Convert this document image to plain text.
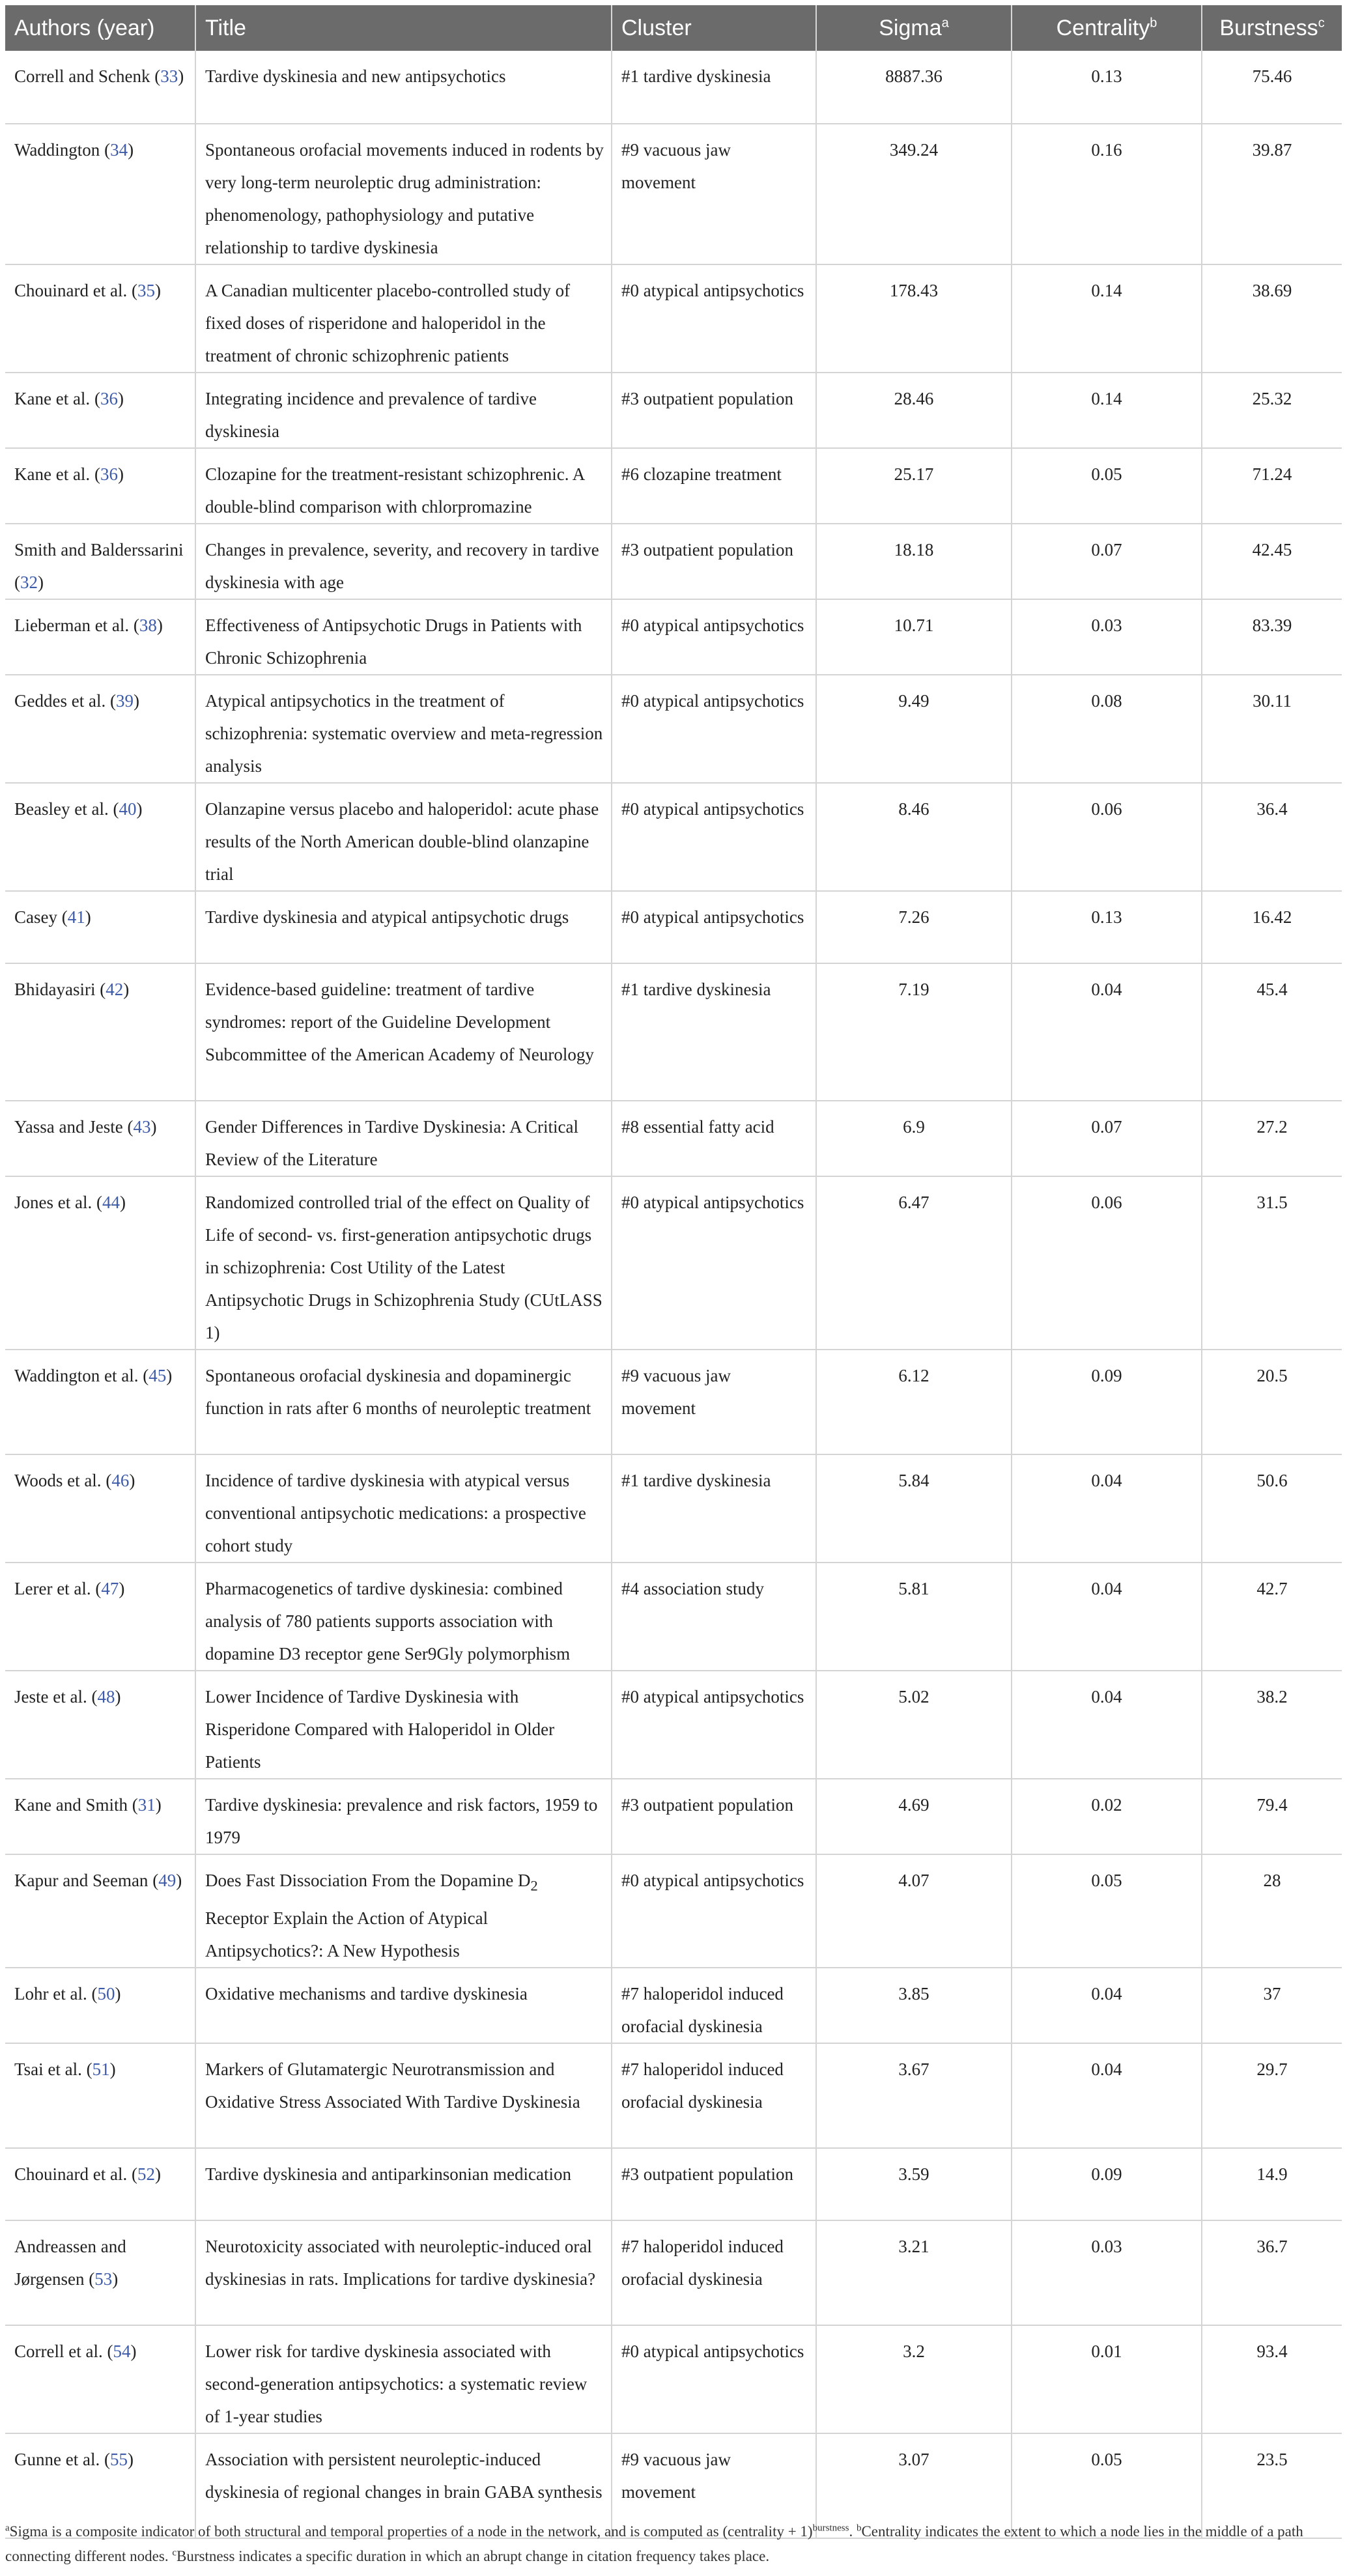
Authors (year)	Title	Cluster	Sigma$^a$	Centrality$^b$	Burstness$^c$
Correll and Schenk (33)	Tardive dyskinesia and new antipsychotics	#1 tardive dyskinesia	8887.36	0.13	75.46
Waddington (34)	Spontaneous orofacial movements induced in rodents by very long-term neuroleptic drug administration: phenomenology, pathophysiology and putative relationship to tardive dyskinesia	#9 vacuous jaw movement	349.24	0.16	39.87
Chouinard et al. (35)	A Canadian multicenter placebo-controlled study of fixed doses of risperidone and haloperidol in the treatment of chronic schizophrenic patients	#0 atypical antipsychotics	178.43	0.14	38.69
Kane et al. (36)	Integrating incidence and prevalence of tardive dyskinesia	#3 outpatient population	28.46	0.14	25.32
Kane et al. (36)	Clozapine for the treatment-resistant schizophrenic. A double-blind comparison with chlorpromazine	#6 clozapine treatment	25.17	0.05	71.24
Smith and Balderssarini (32)	Changes in prevalence, severity, and recovery in tardive dyskinesia with age	#3 outpatient population	18.18	0.07	42.45
Lieberman et al. (38)	Effectiveness of Antipsychotic Drugs in Patients with Chronic Schizophrenia	#0 atypical antipsychotics	10.71	0.03	83.39
Geddes et al. (39)	Atypical antipsychotics in the treatment of schizophrenia: systematic overview and meta-regression analysis	#0 atypical antipsychotics	9.49	0.08	30.11
Beasley et al. (40)	Olanzapine versus placebo and haloperidol: acute phase results of the North American double-blind olanzapine trial	#0 atypical antipsychotics	8.46	0.06	36.4
Casey (41)	Tardive dyskinesia and atypical antipsychotic drugs	#0 atypical antipsychotics	7.26	0.13	16.42
Bhidayasiri (42)	Evidence-based guideline: treatment of tardive syndromes: report of the Guideline Development Subcommittee of the American Academy of Neurology	#1 tardive dyskinesia	7.19	0.04	45.4
Yassa and Jeste (43)	Gender Differences in Tardive Dyskinesia: A Critical Review of the Literature	#8 essential fatty acid	6.9	0.07	27.2
Jones et al. (44)	Randomized controlled trial of the effect on Quality of Life of second- vs. first-generation antipsychotic drugs in schizophrenia: Cost Utility of the Latest Antipsychotic Drugs in Schizophrenia Study (CUtLASS 1)	#0 atypical antipsychotics	6.47	0.06	31.5
Waddington et al. (45)	Spontaneous orofacial dyskinesia and dopaminergic function in rats after 6 months of neuroleptic treatment	#9 vacuous jaw movement	6.12	0.09	20.5
Woods et al. (46)	Incidence of tardive dyskinesia with atypical versus conventional antipsychotic medications: a prospective cohort study	#1 tardive dyskinesia	5.84	0.04	50.6
Lerer et al. (47)	Pharmacogenetics of tardive dyskinesia: combined analysis of 780 patients supports association with dopamine D3 receptor gene Ser9Gly polymorphism	#4 association study	5.81	0.04	42.7
Jeste et al. (48)	Lower Incidence of Tardive Dyskinesia with Risperidone Compared with Haloperidol in Older Patients	#0 atypical antipsychotics	5.02	0.04	38.2
Kane and Smith (31)	Tardive dyskinesia: prevalence and risk factors, 1959 to 1979	#3 outpatient population	4.69	0.02	79.4
Kapur and Seeman (49)	Does Fast Dissociation From the Dopamine $D_2$ Receptor Explain the Action of Atypical Antipsychotics?: A New Hypothesis	#0 atypical antipsychotics	4.07	0.05	28
Lohr et al. (50)	Oxidative mechanisms and tardive dyskinesia	#7 haloperidol induced orofacial dyskinesia	3.85	0.04	37
Tsai et al. (51)	Markers of Glutamatergic Neurotransmission and Oxidative Stress Associated With Tardive Dyskinesia	#7 haloperidol induced orofacial dyskinesia	3.67	0.04	29.7
Chouinard et al. (52)	Tardive dyskinesia and antiparkinsonian medication	#3 outpatient population	3.59	0.09	14.9
Andreassen and Jørgensen (53)	Neurotoxicity associated with neuroleptic-induced oral dyskinesias in rats. Implications for tardive dyskinesia?	#7 haloperidol induced orofacial dyskinesia	3.21	0.03	36.7
Correll et al. (54)	Lower risk for tardive dyskinesia associated with second-generation antipsychotics: a systematic review of 1-year studies	#0 atypical antipsychotics	3.2	0.01	93.4
Gunne et al. (55)	Association with persistent neuroleptic-induced dyskinesia of regional changes in brain GABA synthesis	#9 vacuous jaw movement	3.07	0.05	23.5
$^a$Sigma is a composite indicator of both structural and temporal properties of a node in the network, and is computed as (centrality + 1)$^{burstness}$. $^b$Centrality indicates the extent to which a node lies in the middle of a path connecting different nodes. $^c$Burstness indicates a specific duration in which an abrupt change in citation frequency takes place.
